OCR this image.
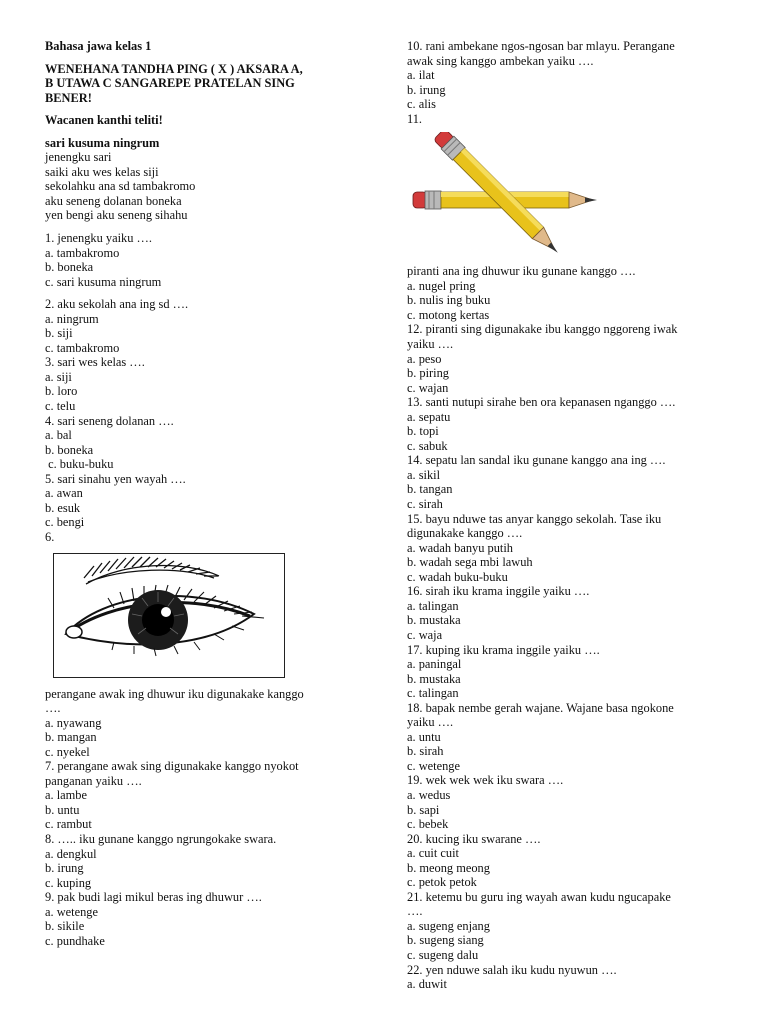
Bahasa jawa kelas 1
WENEHANA TANDHA PING ( X ) AKSARA A,
B UTAWA C SANGAREPE PRATELAN SING
BENER!
Wacanen kanthi teliti!
sari kusuma ningrum
jenengku sari
saiki aku wes kelas siji
sekolahku ana sd tambakromo
aku seneng dolanan boneka
yen bengi aku seneng sihahu
1. jenengku yaiku ….
a. tambakromo
b. boneka
c. sari kusuma ningrum
2. aku sekolah ana ing sd ….
a. ningrum
b. siji
c. tambakromo
3. sari wes kelas ….
a. siji
b. loro
c. telu
4. sari seneng dolanan ….
a. bal
b. boneka
c. buku-buku
5. sari sinahu yen wayah ….
a. awan
b. esuk
c. bengi
6.
perangane awak ing dhuwur iku digunakake kanggo
….
a. nyawang
b. mangan
c. nyekel
7. perangane awak sing digunakake kanggo nyokot
panganan yaiku ….
a. lambe
b. untu
c. rambut
8. ….. iku gunane kanggo ngrungokake swara.
a. dengkul
b. irung
c. kuping
9. pak budi lagi mikul beras ing dhuwur ….
a. wetenge
b. sikile
c. pundhake
10. rani ambekane ngos-ngosan bar mlayu. Perangane
awak sing kanggo ambekan yaiku ….
a. ilat
b. irung
c. alis
11.
piranti ana ing dhuwur iku gunane kanggo ….
a. nugel pring
b. nulis ing buku
c. motong kertas
12. piranti sing digunakake ibu kanggo nggoreng iwak
yaiku ….
a. peso
b. piring
c. wajan
13. santi nutupi sirahe ben ora kepanasen nganggo ….
a. sepatu
b. topi
c. sabuk
14. sepatu lan sandal iku gunane kanggo ana ing ….
a. sikil
b. tangan
c. sirah
15. bayu nduwe tas anyar kanggo sekolah. Tase iku
digunakake kanggo ….
a. wadah banyu putih
b. wadah sega mbi lawuh
c. wadah buku-buku
16. sirah iku krama inggile yaiku ….
a. talingan
b. mustaka
c. waja
17. kuping iku krama inggile yaiku ….
a. paningal
b. mustaka
c. talingan
18. bapak nembe gerah wajane. Wajane basa ngokone
yaiku ….
a. untu
b. sirah
c. wetenge
19. wek wek wek iku swara ….
a. wedus
b. sapi
c. bebek
20. kucing iku swarane ….
a. cuit cuit
b. meong meong
c. petok petok
21. ketemu bu guru ing wayah awan kudu ngucapake
….
a. sugeng enjang
b. sugeng siang
c. sugeng dalu
22. yen nduwe salah iku kudu nyuwun ….
a. duwit
